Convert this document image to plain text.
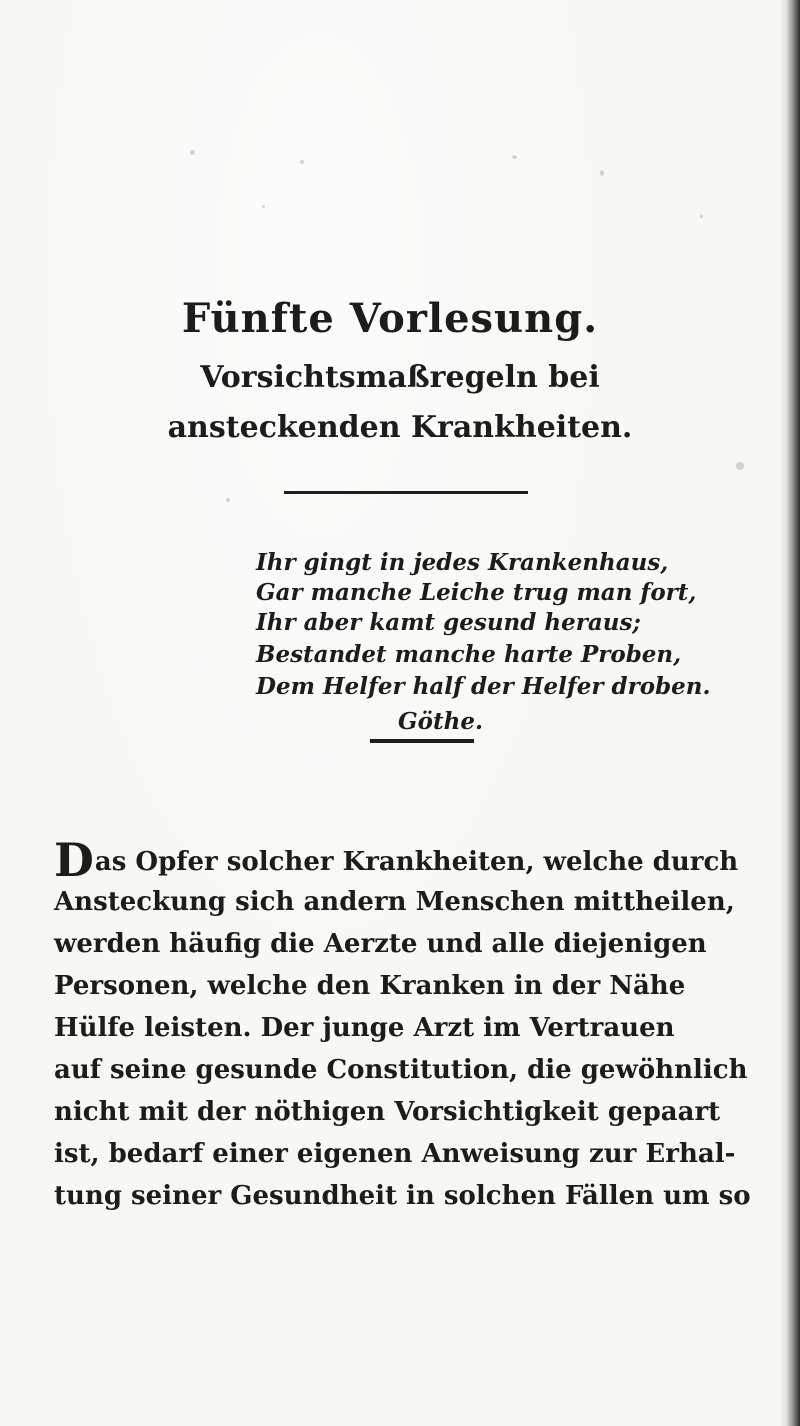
Fünfte Vorlesung.
Vorsichtsmaßregeln bei ansteckenden Krankheiten.
Ihr gingt in jedes Krankenhaus,
Gar manche Leiche trug man fort,
Ihr aber kamt gesund heraus;
Bestandet manche harte Proben,
Dem Helfer half der Helfer droben.
Göthe.
Das Opfer solcher Krankheiten, welche durch
Ansteckung sich andern Menschen mittheilen,
werden häufig die Aerzte und alle diejenigen
Personen, welche den Kranken in der Nähe
Hülfe leisten. Der junge Arzt im Vertrauen
auf seine gesunde Constitution, die gewöhnlich
nicht mit der nöthigen Vorsichtigkeit gepaart
ist, bedarf einer eigenen Anweisung zur Erhal-
tung seiner Gesundheit in solchen Fällen um so
